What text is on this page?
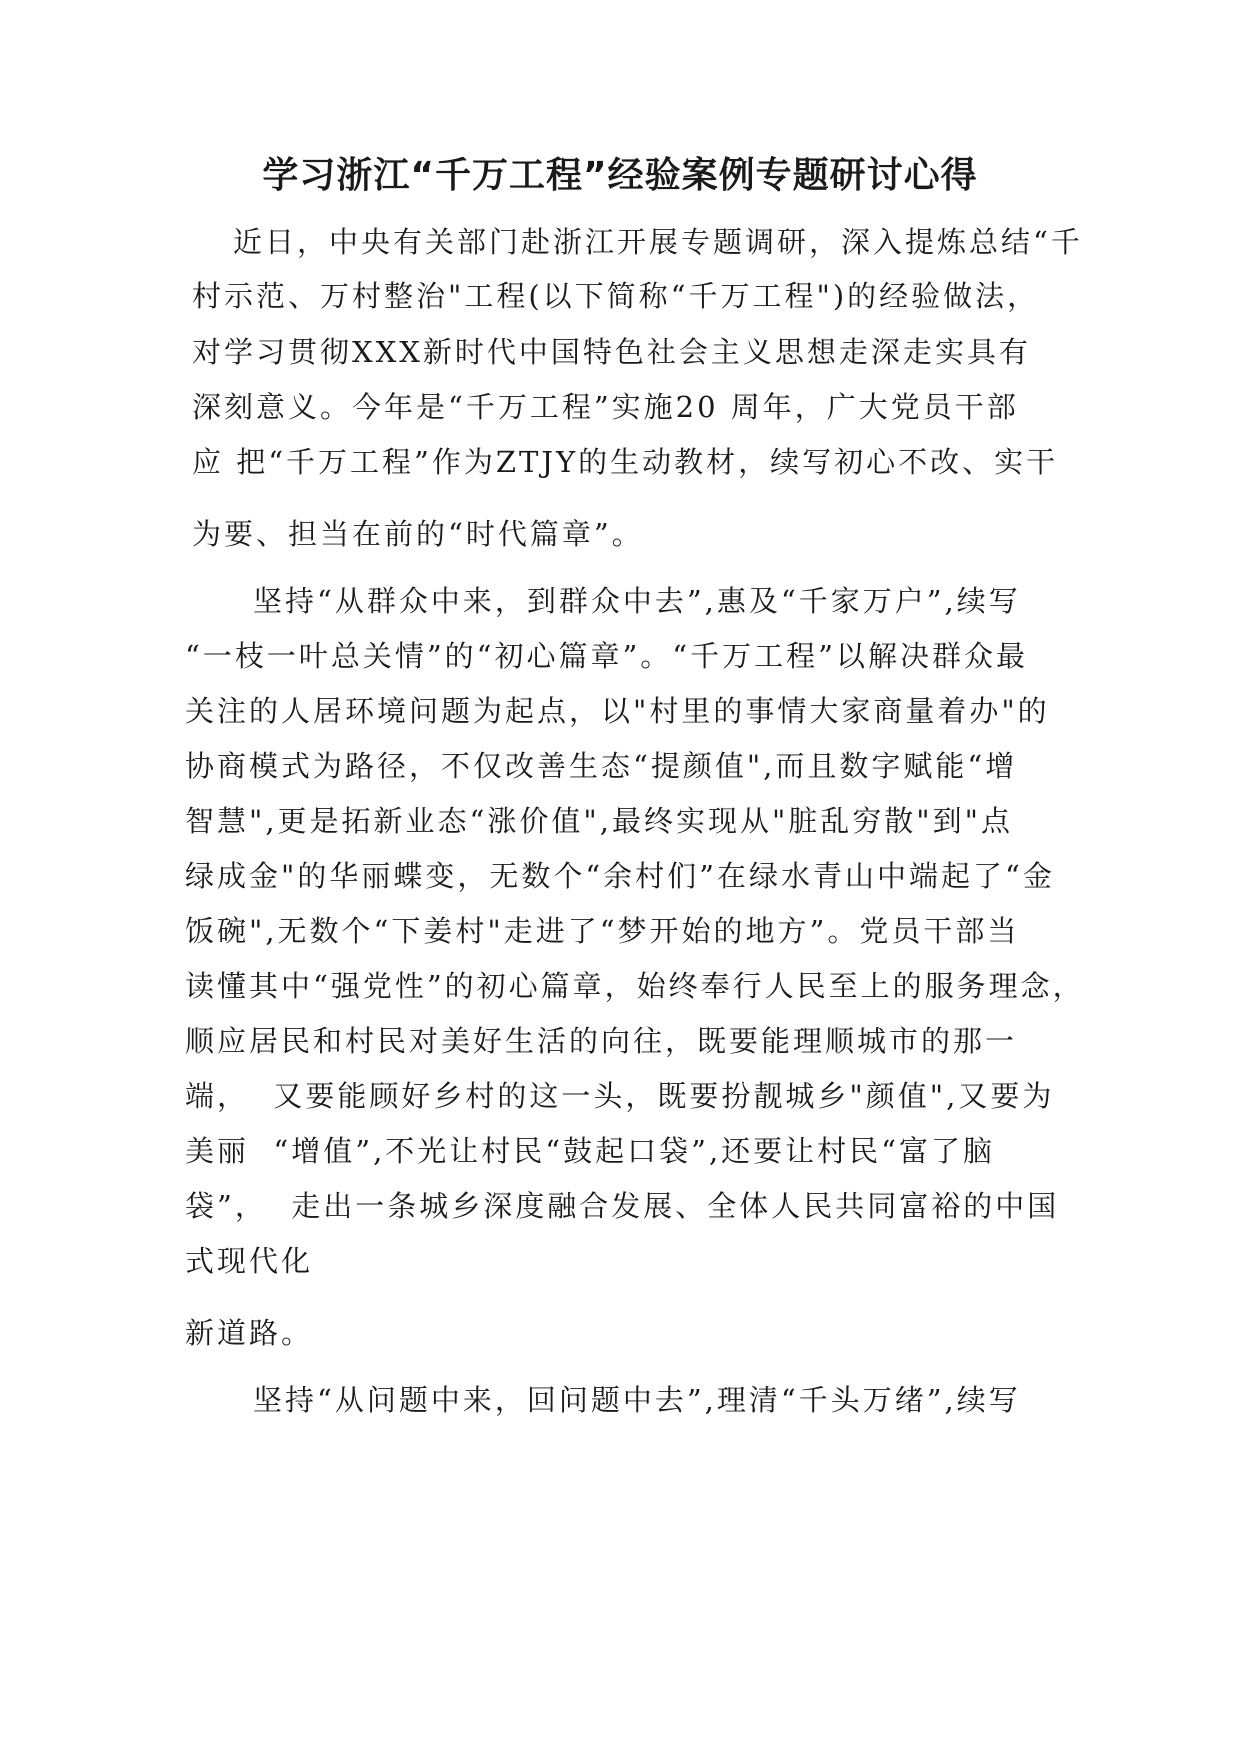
学习浙江“千万工程”经验案例专题研讨心得
近日，中央有关部门赴浙江开展专题调研，深入提炼总结“千
村示范、万村整治"工程(以下简称“千万工程")的经验做法，
对学习贯彻XXX新时代中国特色社会主义思想走深走实具有
深刻意义。今年是“千万工程”实施20 周年，广大党员干部
应 把“千万工程”作为ZTJY的生动教材，续写初心不改、实干
为要、担当在前的“时代篇章”。
坚持“从群众中来，到群众中去”,惠及“千家万户”,续写
“一枝一叶总关情”的“初心篇章”。“千万工程”以解决群众最
关注的人居环境问题为起点，以"村里的事情大家商量着办"的
协商模式为路径，不仅改善生态“提颜值",而且数字赋能“增
智慧",更是拓新业态“涨价值",最终实现从"脏乱穷散"到"点
绿成金"的华丽蝶变，无数个“余村们”在绿水青山中端起了“金
饭碗",无数个“下姜村"走进了“梦开始的地方”。党员干部当
读懂其中“强党性”的初心篇章，始终奉行人民至上的服务理念，
顺应居民和村民对美好生活的向往，既要能理顺城市的那一
端，  又要能顾好乡村的这一头，既要扮靓城乡"颜值",又要为
美丽  “增值”,不光让村民“鼓起口袋”,还要让村民“富了脑
袋”，  走出一条城乡深度融合发展、全体人民共同富裕的中国
式现代化
新道路。
坚持“从问题中来，回问题中去”,理清“千头万绪”,续写
